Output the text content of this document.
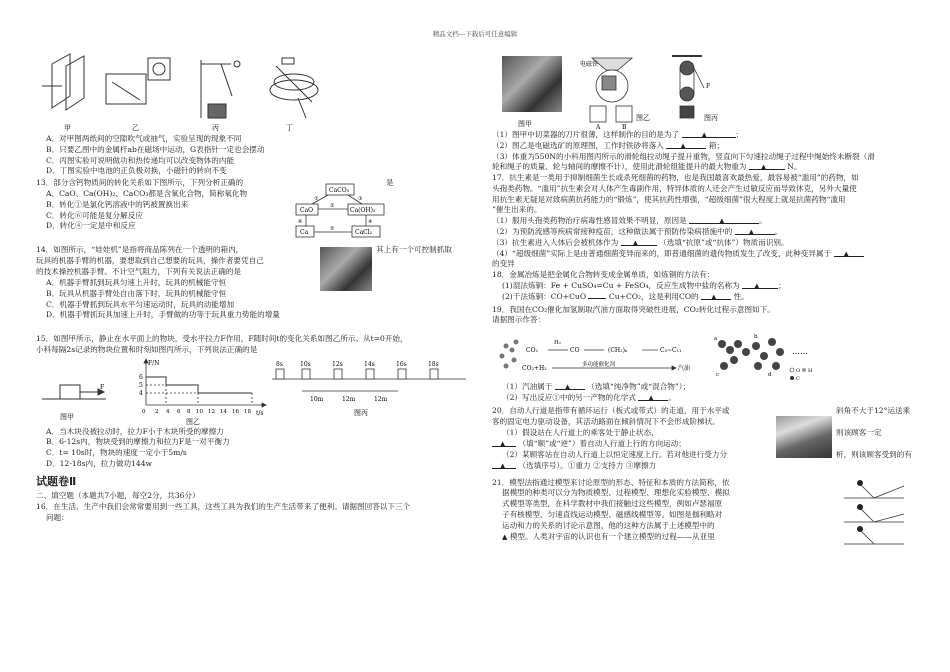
精品文档---下载后可任意编辑
甲	乙	丙	丁
A．对甲图两纸间的空隙吹气或抽气，实验呈现的现象不同
B．只要乙图中的金属杆ab在磁场中运动，G表指针一定也会摆动
C．丙图实验可说明做功和热传递均可以改变物体的内能
D．丁图实验中电池的正负极对换，小磁针的转向不变
13．部分含钙物质间的转化关系如下图所示，下列分析正确的	是
A．CaO、Ca(OH)₂、CaCO₃都是含氧化合物，简称氧化物
B．转化①是氯化钙溶液中的钙被置换出来
C．转化⑥可能是复分解反应
D．转化④一定是中和反应
CaCO₃
CaO	Ca(OH)₂
Ca	CaCl₂
①
②
③
④
⑤
⑥
14．如图所示，“娃娃机”是指将商品陈列在一个透明的箱内，	其上有一个可控制抓取
玩具的机器手臂的机器，要想取到自己想要的玩具，操作者要凭自己
的技术操控机器手臂。不计空气阻力，下列有关说法正确的是
A．机器手臂抓到玩具匀速上升时，玩具的机械能守恒
B．玩具从机器手臂处自由落下时，玩具的机械能守恒
C．机器手臂抓到玩具水平匀速运动时，玩具的动能增加
D．机器手臂抓玩具加速上升时，手臂做的功等于玩具重力势能的增量
15．如图甲所示，静止在水平面上的物块，受水平拉力F作用，F随时间t的变化关系如图乙所示。从t=0开始，
小科每隔2s记录的物块位置和时刻如图丙所示，下列说法正确的是
F
图甲
F/N
t/s
6
5
4
0 2 4 6 8 10 12 14 16 18
图乙
8s	10s	12s	14s	16s	18s
10m	12m	12m
图丙
A．当木块没被拉动时，拉力F小于木块所受的摩擦力
B．6-12s内，物块受到的摩擦力和拉力F是一对平衡力
C．t= 10s时，物块的速度一定小于5m/s
D．12-18s内，拉力做功144w
试题卷Ⅱ
二、填空题（本题共7小题，每空2分，共36分）
16．在生活，生产中我们会常常要用到一些工具，这些工具为我们的生产生活带来了便利。请据图回答以下三个
问题：
图甲
电磁铁
A	B
图乙
F
图丙
（1）图甲中切菜器的刀片很薄，这样制作的目的是为了	▲	；
（2）图乙是电磁选矿的原理图，工作时铁砂将落入 ▲	箱；
（3）体重为550N的小科用图丙所示的滑轮组拉动绳子提升重物，竖直向下匀速拉动绳子过程中绳始终未断裂（滑
轮和绳子的质量、轮与轴间的摩擦不计），使用此滑轮组能提升的最大物重为 ▲	N。
17．抗生素是一类用于抑制细菌生长或杀死细菌的药物，也是我国最喜欢最热爱，最容易被“滥用”的药物，如
头孢类药物。“滥用”抗生素会对人体产生毒副作用，特异体质的人还会产生过敏反应而导致休克，另外大量使
用抗生素无疑是对致病菌抗药能力的“锻炼”，使其抗药性增强，“超级细菌”很大程度上就是抗菌药物“滥用
”催生出来的。
（1）服用头孢类药物治疗病毒性感冒效果不明显，原因是	▲	。
（2）为预防流感等疾病常接种疫苗，这种做法属于预防传染病措施中的 ▲	。
（3）抗生素进入人体后会被机体作为 ▲	（选填“抗原”或“抗体”）物质而识别。
（4）“超级细菌”实际上是由普通细菌变异而来的，即普通细菌的遗传物质发生了改变，此种变异属于 ▲
的变异
18．金属冶炼是把金属化合物转变成金属单质，如炼铜的方法有：
(1)湿法炼铜：Fe + CuSO₄=Cu + FeSO₄，反应生成物中盐的名称为 ▲ ；
(2)干法炼铜：CO+CuO	Cu+CO₂，这是利用CO的 ▲ 性。
19．我国在CO₂催化加氢制取汽油方面取得突破性进展，CO₂转化过程示意图如下。
请据图示作答：
CO₂	CO	(CH₂)ₙ	C₅~C₁₁
H₂
CO₂+H₂	多功能催化剂	汽油
a	b
c	d
……
O H
C
（1）汽油属于 ▲ （选填“纯净物”或“混合物”）；
（2）写出反应①中的另一产物的化学式 ▲ 。
20．自动人行道是指带有循环运行（板式或带式）的走道，用于水平或	斜角不大于12°运送乘
客的固定电力驱动设备，其活动路面在倾斜情况下不会形成阶梯状。
（1）假设站在人行道上的乘客处于静止状态，	则该顾客一定
▲ （填“顺”或“逆”）着自动人行道上行的方向运动；
（2）某顾客站在自动人行道上以恒定速度上行。若对他进行受力分	析，则该顾客受到的有
▲ （选填序号）。①重力 ②支持力 ③摩擦力
21．模型法指通过模型来讨论原型的形态、特征和本质的方法简称，依
据模型的种类可以分为物质模型、过程模型、理想化实验模型、模拟
式模型等类型，在科学教材中我们接触过这些模型，例如卢瑟福原
子有核模型、匀速直线运动模型、磁感线模型等。如图是伽利略对
运动和力的关系的讨论示意图，他的这种方法属于上述模型中的
▲ 模型。人类对宇宙的认识也有一个建立模型的过程——从亚里
